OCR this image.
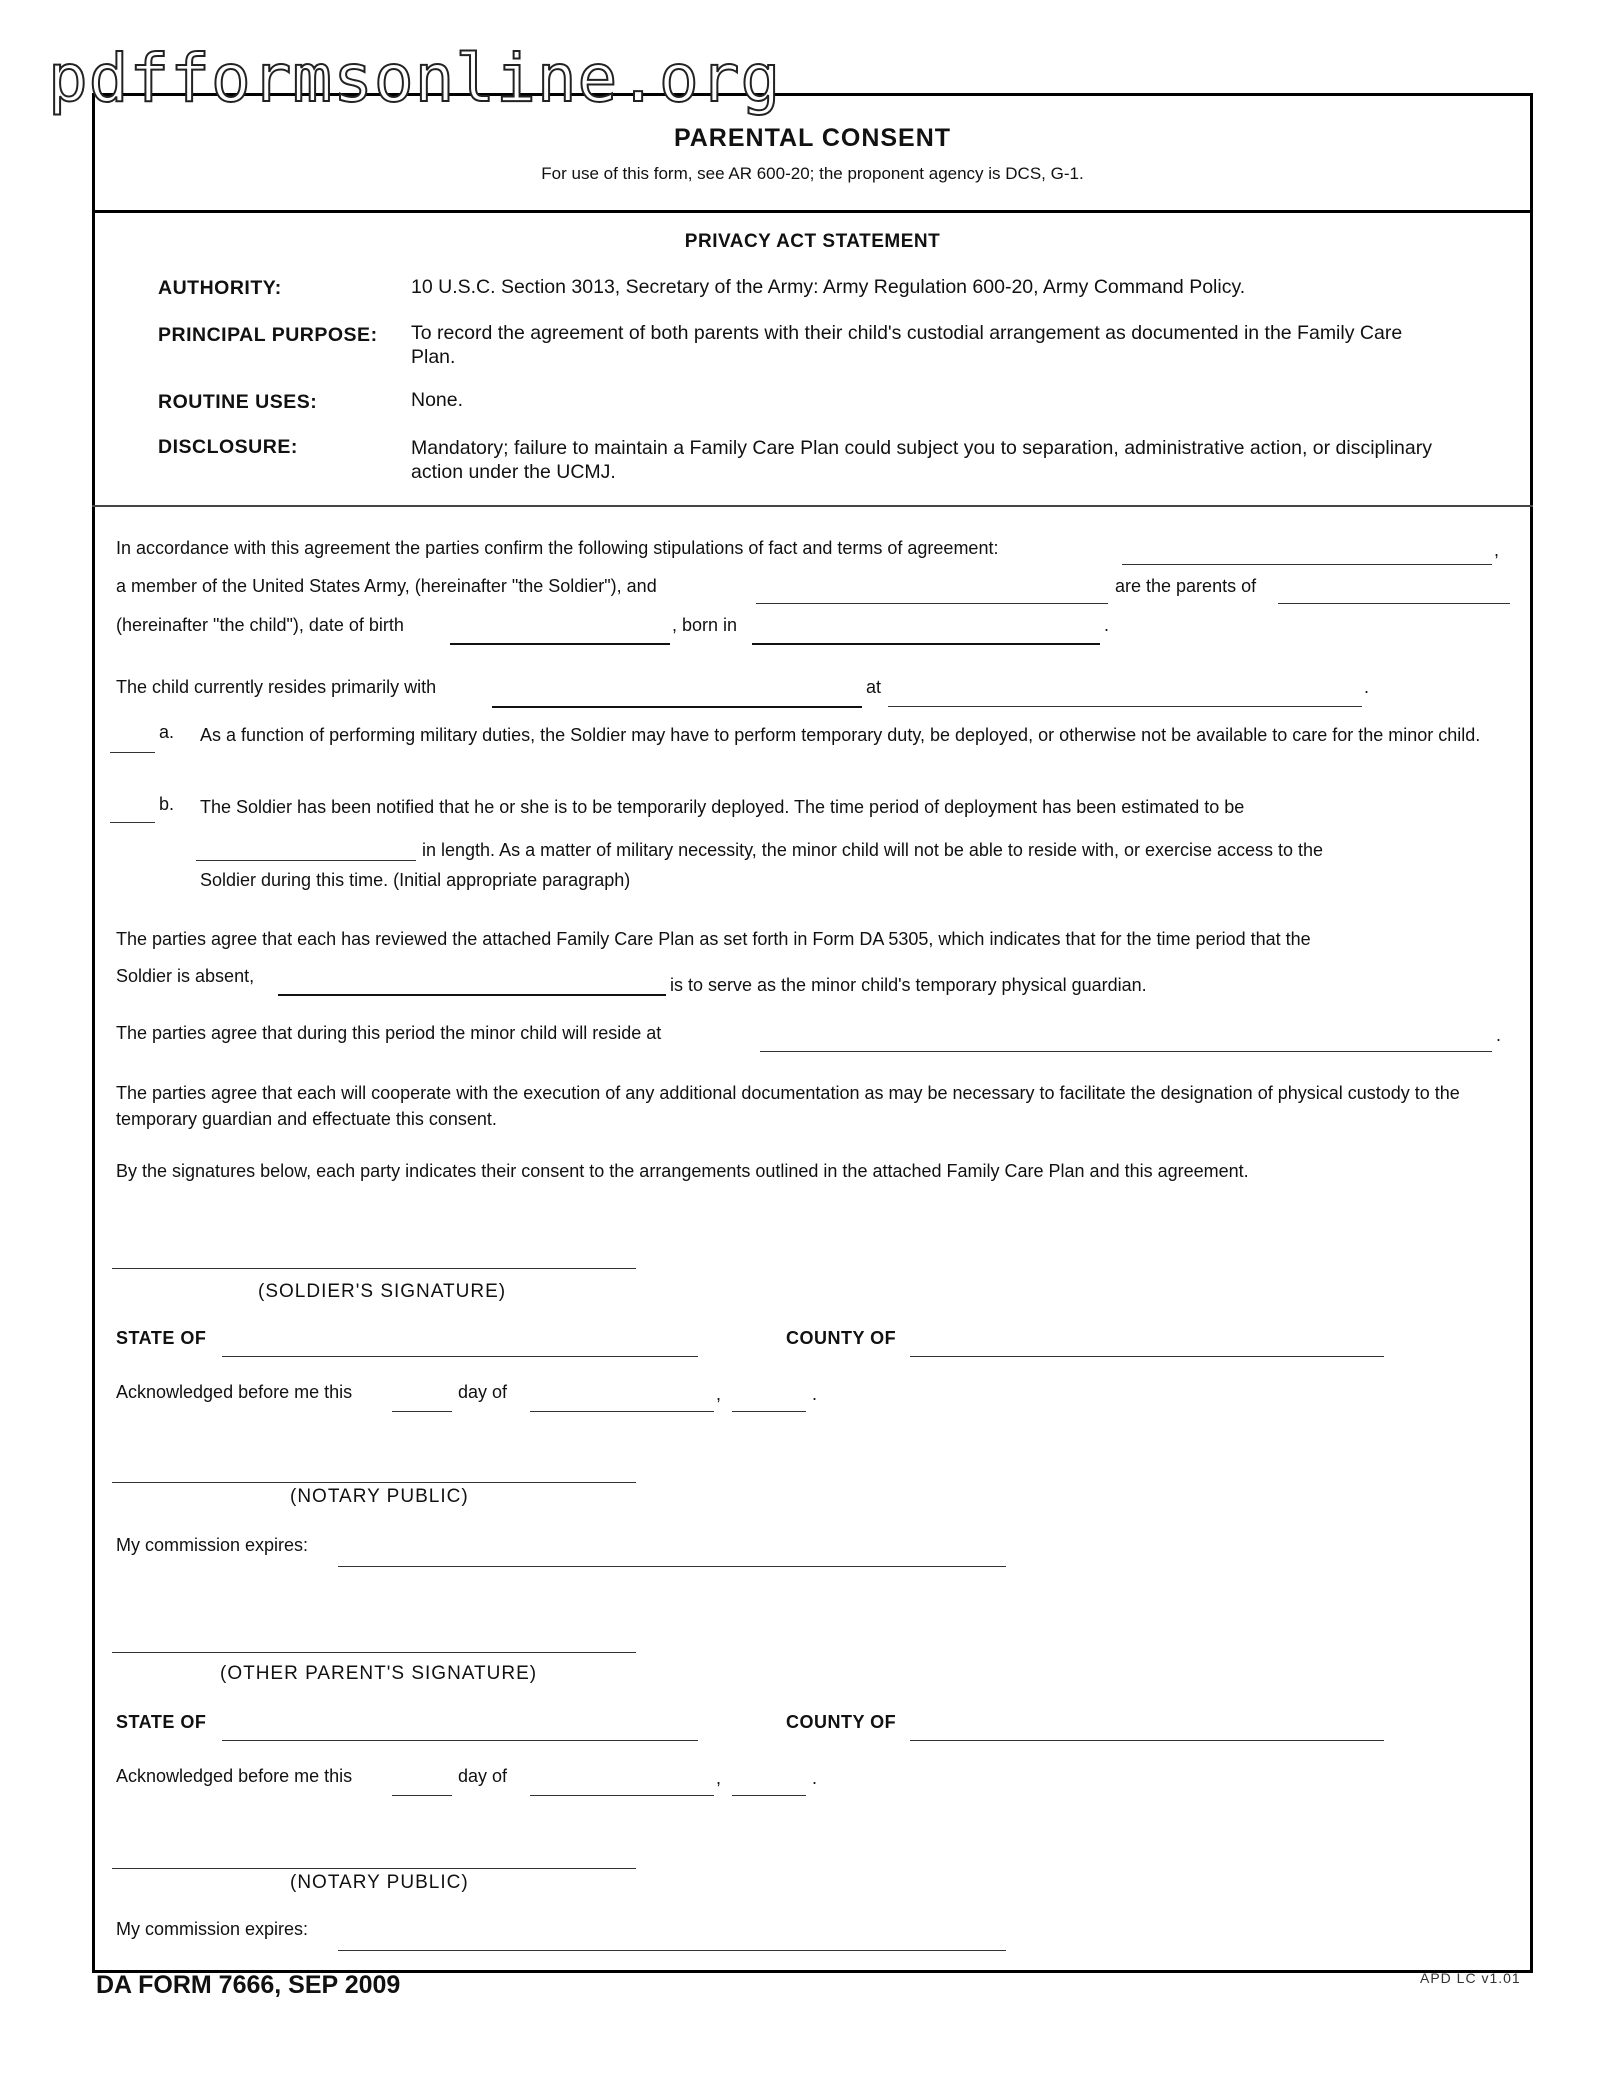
pdfformsonline.org
PARENTAL CONSENT
For use of this form, see AR 600-20; the proponent agency is DCS, G-1.
PRIVACY ACT STATEMENT
AUTHORITY:	10 U.S.C. Section 3013, Secretary of the Army: Army Regulation 600-20, Army Command Policy.
PRINCIPAL PURPOSE: To record the agreement of both parents with their child's custodial arrangement as documented in the Family Care Plan.
ROUTINE USES:	None.
DISCLOSURE:	Mandatory; failure to maintain a Family Care Plan could subject you to separation, administrative action, or disciplinary action under the UCMJ.
In accordance with this agreement the parties confirm the following stipulations of fact and terms of agreement:	,
a member of the United States Army, (hereinafter "the Soldier"), and	are the parents of
(hereinafter "the child"), date of birth	, born in	.
The child currently resides primarily with	at	.
a. As a function of performing military duties, the Soldier may have to perform temporary duty, be deployed, or otherwise not be available to care for the minor child.
b. The Soldier has been notified that he or she is to be temporarily deployed. The time period of deployment has been estimated to be
in length. As a matter of military necessity, the minor child will not be able to reside with, or exercise access to the
Soldier during this time. (Initial appropriate paragraph)
The parties agree that each has reviewed the attached Family Care Plan as set forth in Form DA 5305, which indicates that for the time period that the
Soldier is absent,	is to serve as the minor child's temporary physical guardian.
The parties agree that during this period the minor child will reside at	.
The parties agree that each will cooperate with the execution of any additional documentation as may be necessary to facilitate the designation of physical custody to the temporary guardian and effectuate this consent.
By the signatures below, each party indicates their consent to the arrangements outlined in the attached Family Care Plan and this agreement.
(SOLDIER'S SIGNATURE)
STATE OF	COUNTY OF
Acknowledged before me this	day of	,	.
(NOTARY PUBLIC)
My commission expires:
(OTHER PARENT'S SIGNATURE)
STATE OF	COUNTY OF
Acknowledged before me this	day of	,	.
(NOTARY PUBLIC)
My commission expires:
DA FORM 7666, SEP 2009	APD LC v1.01
